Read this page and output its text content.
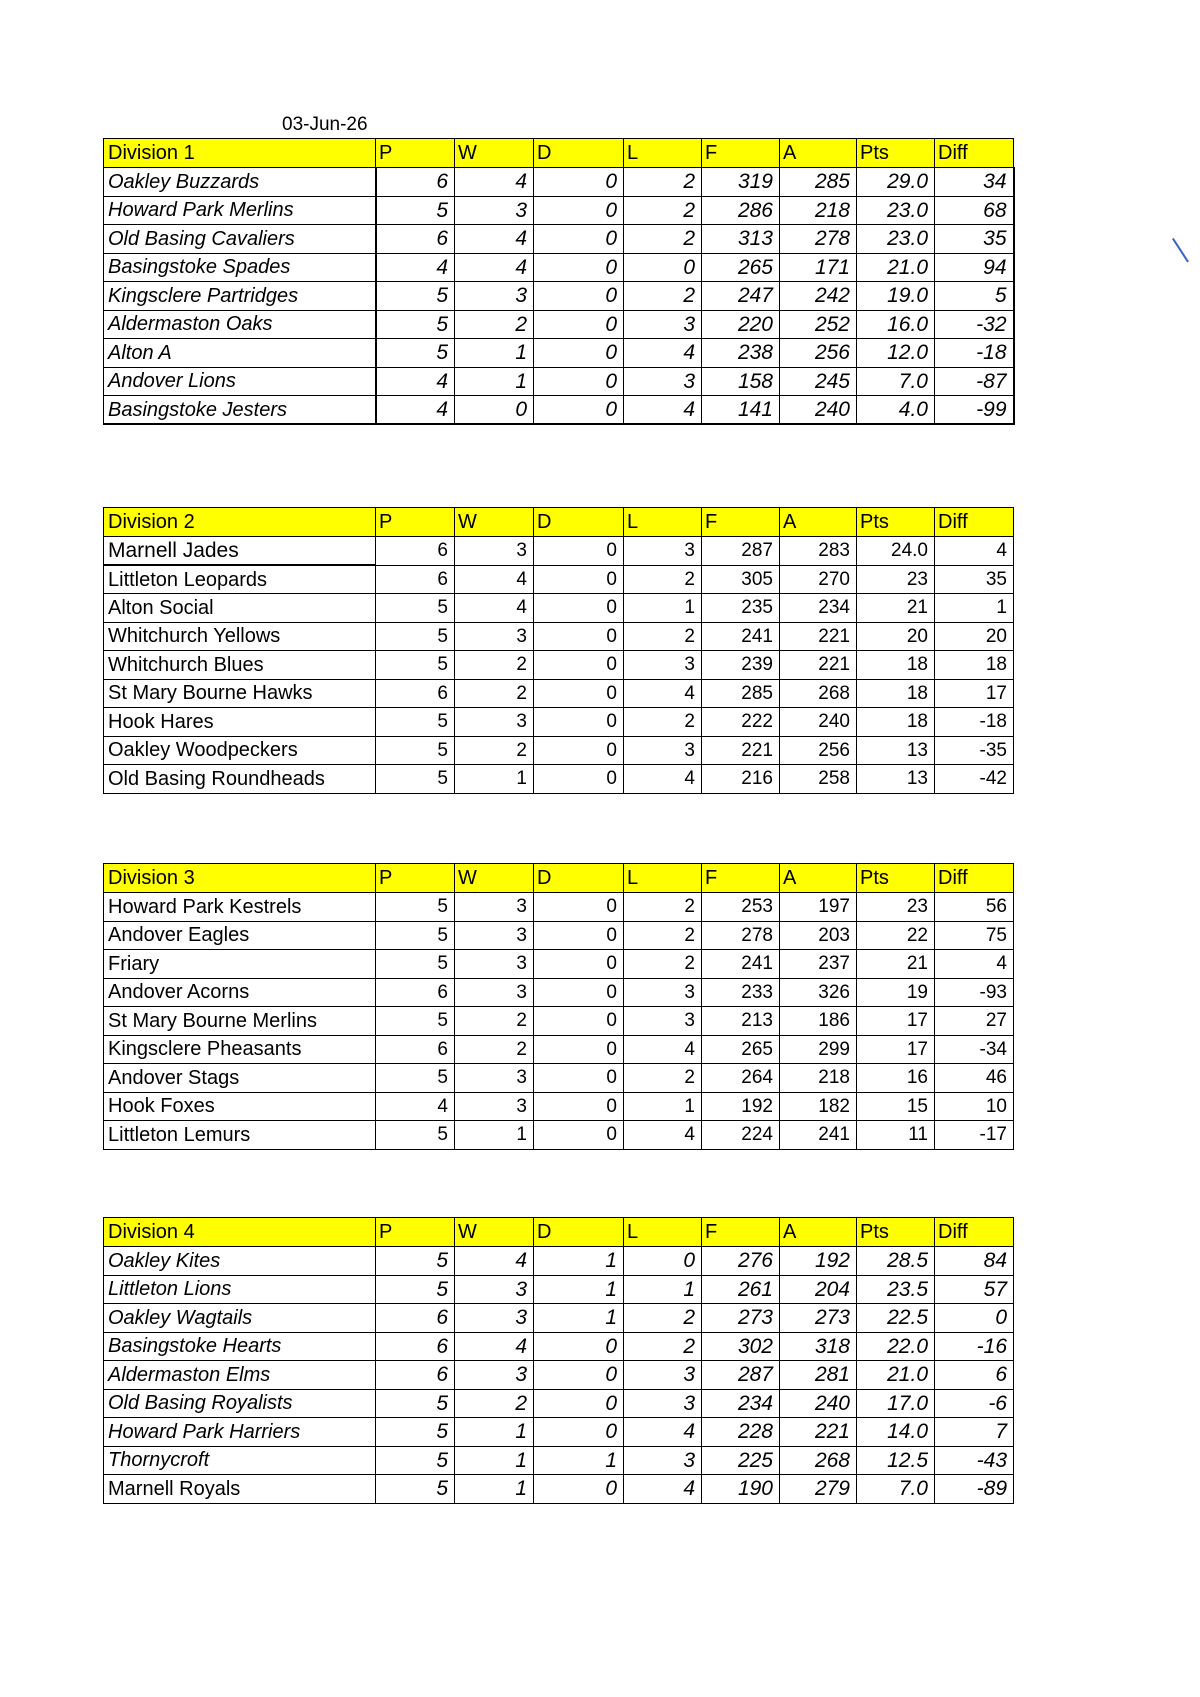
03-Jun-26
Division 1	P	W	D	L	F	A	Pts	Diff
Oakley Buzzards	6	4	0	2	319	285	29.0	34
Howard Park Merlins	5	3	0	2	286	218	23.0	68
Old Basing Cavaliers	6	4	0	2	313	278	23.0	35
Basingstoke Spades	4	4	0	0	265	171	21.0	94
Kingsclere Partridges	5	3	0	2	247	242	19.0	5
Aldermaston Oaks	5	2	0	3	220	252	16.0	-32
Alton A	5	1	0	4	238	256	12.0	-18
Andover Lions	4	1	0	3	158	245	7.0	-87
Basingstoke Jesters	4	0	0	4	141	240	4.0	-99
Division 2	P	W	D	L	F	A	Pts	Diff
Marnell Jades	6	3	0	3	287	283	24.0	4
Littleton Leopards	6	4	0	2	305	270	23	35
Alton Social	5	4	0	1	235	234	21	1
Whitchurch Yellows	5	3	0	2	241	221	20	20
Whitchurch Blues	5	2	0	3	239	221	18	18
St Mary Bourne Hawks	6	2	0	4	285	268	18	17
Hook Hares	5	3	0	2	222	240	18	-18
Oakley Woodpeckers	5	2	0	3	221	256	13	-35
Old Basing Roundheads	5	1	0	4	216	258	13	-42
Division 3	P	W	D	L	F	A	Pts	Diff
Howard Park Kestrels	5	3	0	2	253	197	23	56
Andover Eagles	5	3	0	2	278	203	22	75
Friary	5	3	0	2	241	237	21	4
Andover Acorns	6	3	0	3	233	326	19	-93
St Mary Bourne Merlins	5	2	0	3	213	186	17	27
Kingsclere Pheasants	6	2	0	4	265	299	17	-34
Andover Stags	5	3	0	2	264	218	16	46
Hook Foxes	4	3	0	1	192	182	15	10
Littleton Lemurs	5	1	0	4	224	241	11	-17
Division 4	P	W	D	L	F	A	Pts	Diff
Oakley Kites	5	4	1	0	276	192	28.5	84
Littleton Lions	5	3	1	1	261	204	23.5	57
Oakley Wagtails	6	3	1	2	273	273	22.5	0
Basingstoke Hearts	6	4	0	2	302	318	22.0	-16
Aldermaston Elms	6	3	0	3	287	281	21.0	6
Old Basing Royalists	5	2	0	3	234	240	17.0	-6
Howard Park Harriers	5	1	0	4	228	221	14.0	7
Thornycroft	5	1	1	3	225	268	12.5	-43
Marnell Royals	5	1	0	4	190	279	7.0	-89
